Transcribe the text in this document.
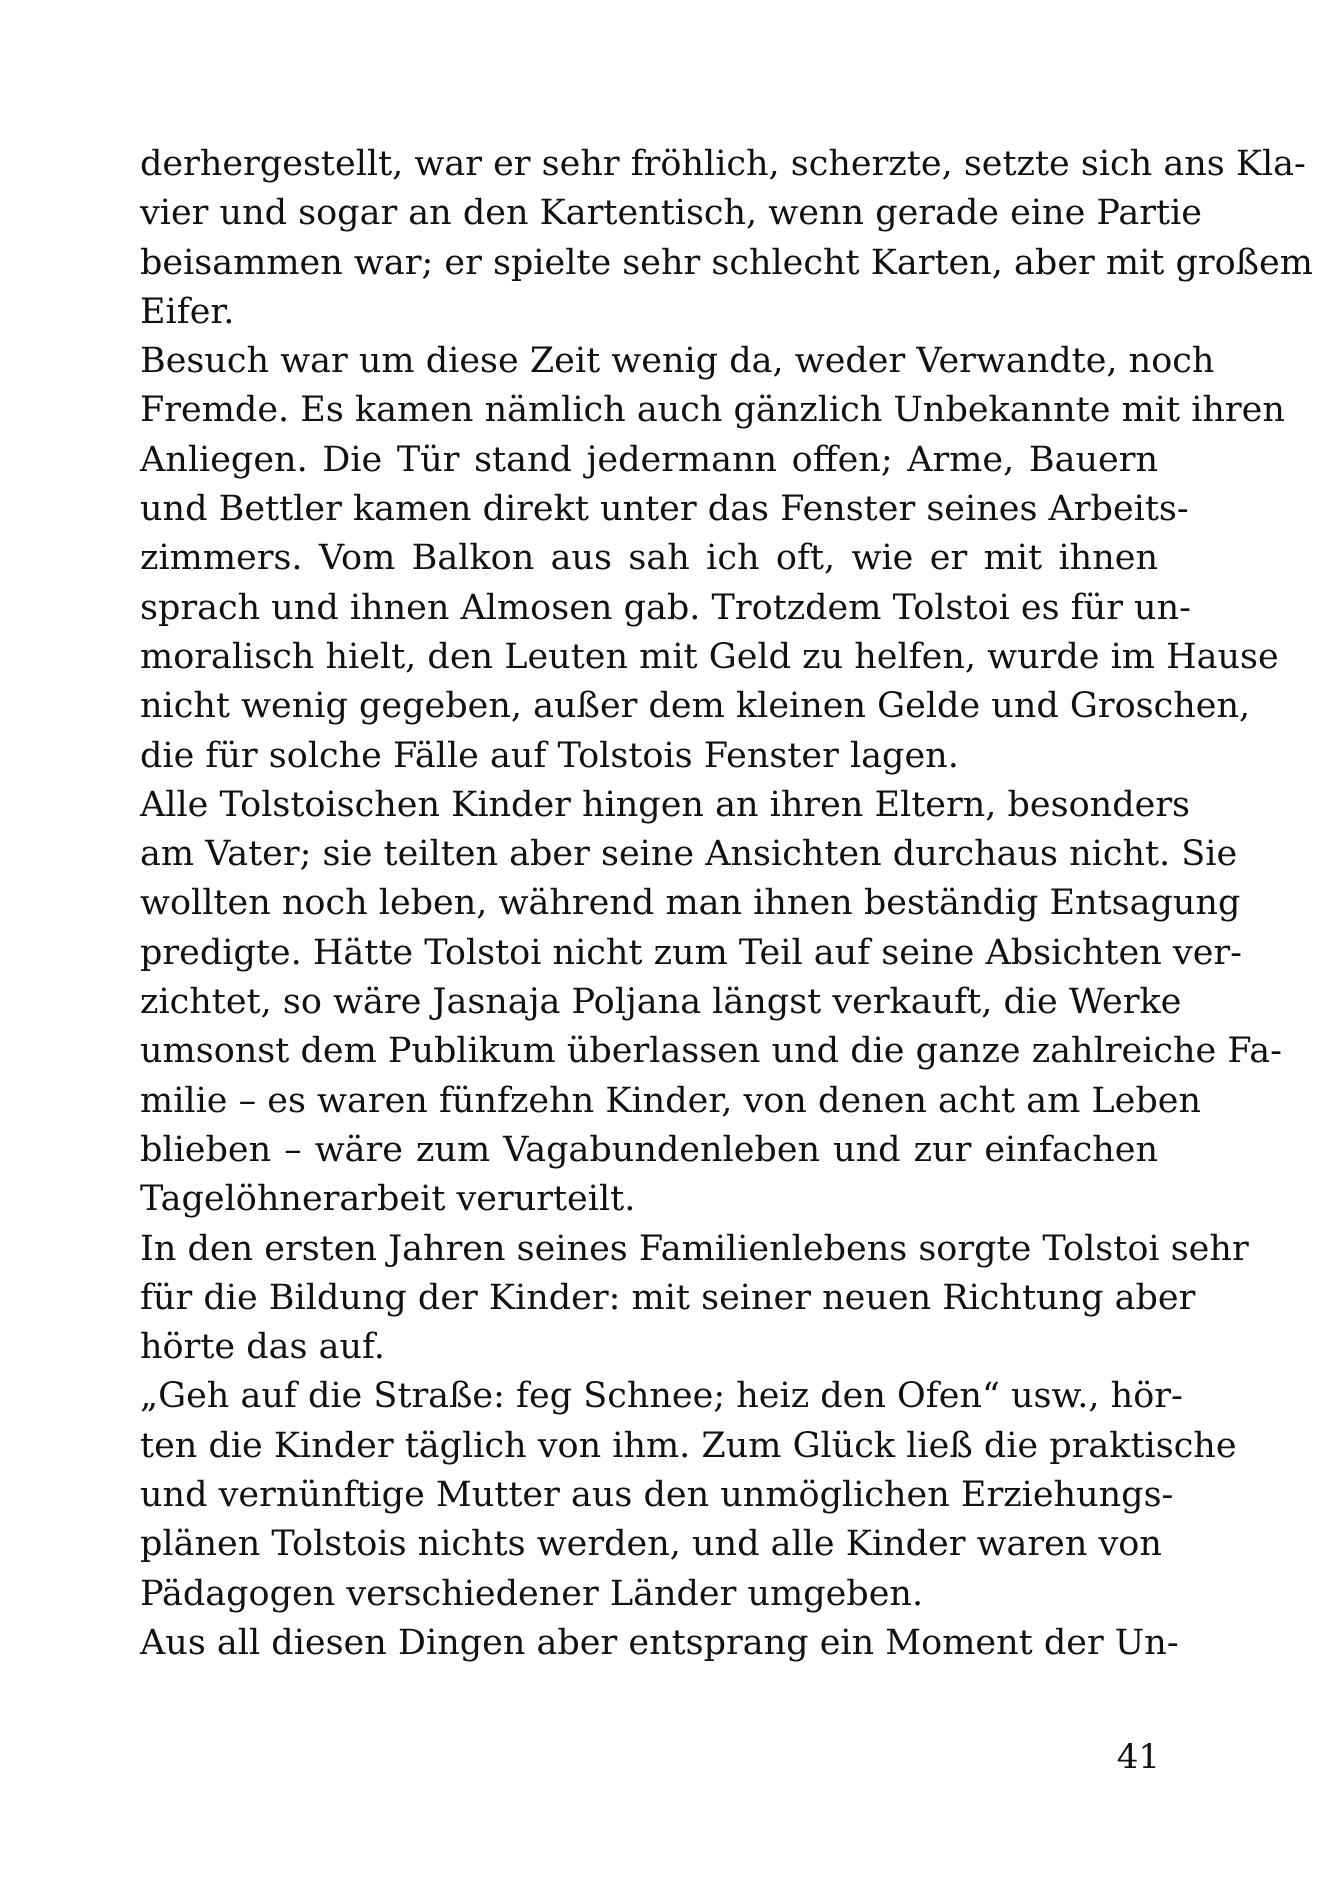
derhergestellt, war er sehr fröhlich, scherzte, setzte sich ans Kla-
vier und sogar an den Kartentisch, wenn gerade eine Partie
beisammen war; er spielte sehr schlecht Karten, aber mit großem
Eifer.
Besuch war um diese Zeit wenig da, weder Verwandte, noch
Fremde. Es kamen nämlich auch gänzlich Unbekannte mit ihren
Anliegen. Die Tür stand jedermann offen; Arme, Bauern
und Bettler kamen direkt unter das Fenster seines Arbeits-
zimmers. Vom Balkon aus sah ich oft, wie er mit ihnen
sprach und ihnen Almosen gab. Trotzdem Tolstoi es für un-
moralisch hielt, den Leuten mit Geld zu helfen, wurde im Hause
nicht wenig gegeben, außer dem kleinen Gelde und Groschen,
die für solche Fälle auf Tolstois Fenster lagen.
Alle Tolstoischen Kinder hingen an ihren Eltern, besonders
am Vater; sie teilten aber seine Ansichten durchaus nicht. Sie
wollten noch leben, während man ihnen beständig Entsagung
predigte. Hätte Tolstoi nicht zum Teil auf seine Absichten ver-
zichtet, so wäre Jasnaja Poljana längst verkauft, die Werke
umsonst dem Publikum überlassen und die ganze zahlreiche Fa-
milie – es waren fünfzehn Kinder, von denen acht am Leben
blieben – wäre zum Vagabundenleben und zur einfachen
Tagelöhnerarbeit verurteilt.
In den ersten Jahren seines Familienlebens sorgte Tolstoi sehr
für die Bildung der Kinder: mit seiner neuen Richtung aber
hörte das auf.
„Geh auf die Straße: feg Schnee; heiz den Ofen“ usw., hör-
ten die Kinder täglich von ihm. Zum Glück ließ die praktische
und vernünftige Mutter aus den unmöglichen Erziehungs-
plänen Tolstois nichts werden, und alle Kinder waren von
Pädagogen verschiedener Länder umgeben.
Aus all diesen Dingen aber entsprang ein Moment der Un-
41
